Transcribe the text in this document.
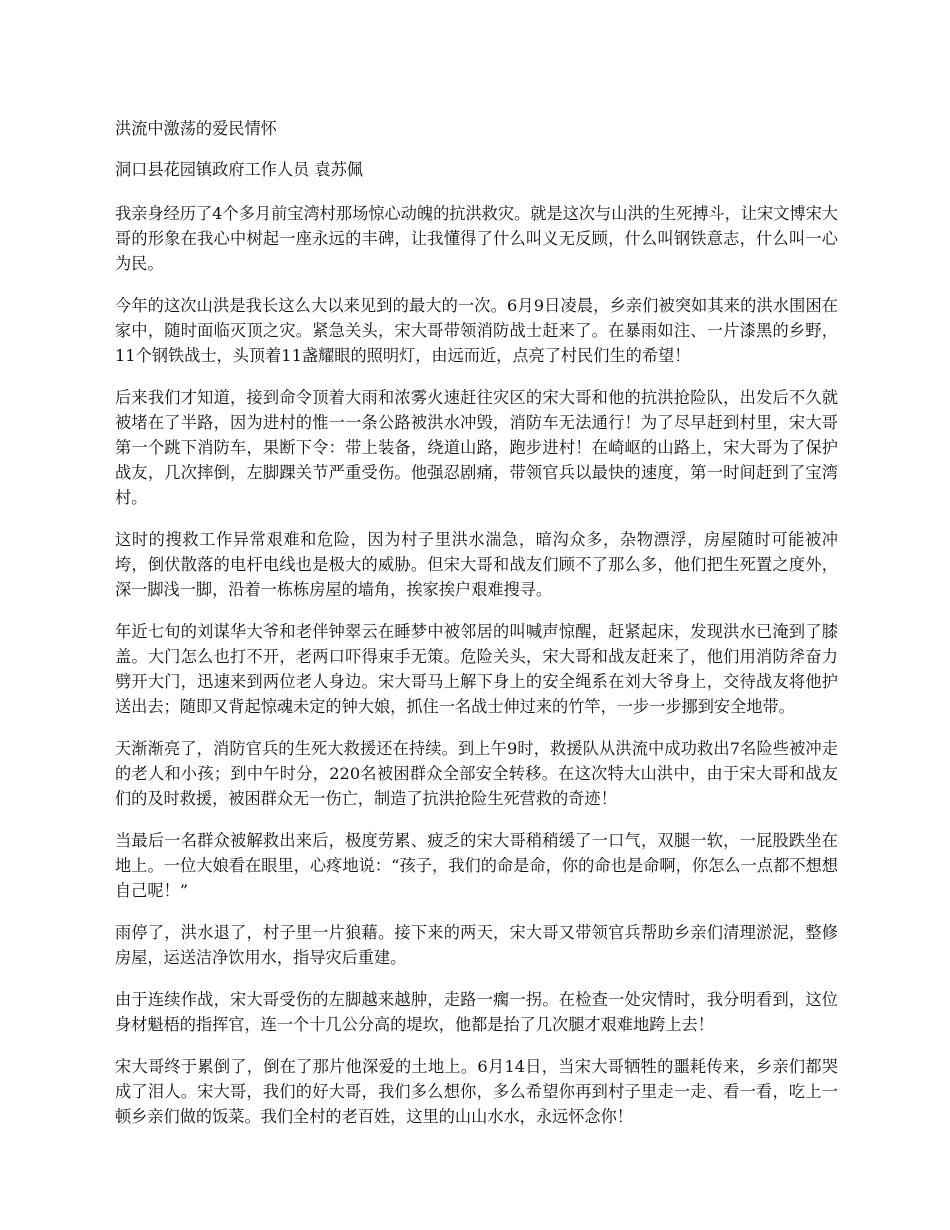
洪流中激荡的爱民情怀
洞口县花园镇政府工作人员 袁苏佩
我亲身经历了4个多月前宝湾村那场惊心动魄的抗洪救灾。就是这次与山洪的生死搏斗，让宋文博宋大哥的形象在我心中树起一座永远的丰碑，让我懂得了什么叫义无反顾，什么叫钢铁意志，什么叫一心为民。
今年的这次山洪是我长这么大以来见到的最大的一次。6月9日凌晨，乡亲们被突如其来的洪水围困在家中，随时面临灭顶之灾。紧急关头，宋大哥带领消防战士赶来了。在暴雨如注、一片漆黑的乡野，11个钢铁战士，头顶着11盏耀眼的照明灯，由远而近，点亮了村民们生的希望！
后来我们才知道，接到命令顶着大雨和浓雾火速赶往灾区的宋大哥和他的抗洪抢险队，出发后不久就被堵在了半路，因为进村的惟一一条公路被洪水冲毁，消防车无法通行！为了尽早赶到村里，宋大哥第一个跳下消防车，果断下令：带上装备，绕道山路，跑步进村！在崎岖的山路上，宋大哥为了保护战友，几次摔倒，左脚踝关节严重受伤。他强忍剧痛，带领官兵以最快的速度，第一时间赶到了宝湾村。
这时的搜救工作异常艰难和危险，因为村子里洪水湍急，暗沟众多，杂物漂浮，房屋随时可能被冲垮，倒伏散落的电杆电线也是极大的威胁。但宋大哥和战友们顾不了那么多，他们把生死置之度外，深一脚浅一脚，沿着一栋栋房屋的墙角，挨家挨户艰难搜寻。
年近七旬的刘谋华大爷和老伴钟翠云在睡梦中被邻居的叫喊声惊醒，赶紧起床，发现洪水已淹到了膝盖。大门怎么也打不开，老两口吓得束手无策。危险关头，宋大哥和战友赶来了，他们用消防斧奋力劈开大门，迅速来到两位老人身边。宋大哥马上解下身上的安全绳系在刘大爷身上，交待战友将他护送出去；随即又背起惊魂未定的钟大娘，抓住一名战士伸过来的竹竿，一步一步挪到安全地带。
天渐渐亮了，消防官兵的生死大救援还在持续。到上午9时，救援队从洪流中成功救出7名险些被冲走的老人和小孩；到中午时分，220名被困群众全部安全转移。在这次特大山洪中，由于宋大哥和战友们的及时救援，被困群众无一伤亡，制造了抗洪抢险生死营救的奇迹！
当最后一名群众被解救出来后，极度劳累、疲乏的宋大哥稍稍缓了一口气，双腿一软，一屁股跌坐在地上。一位大娘看在眼里，心疼地说：“孩子，我们的命是命，你的命也是命啊，你怎么一点都不想想自己呢！”
雨停了，洪水退了，村子里一片狼藉。接下来的两天，宋大哥又带领官兵帮助乡亲们清理淤泥，整修房屋，运送洁净饮用水，指导灾后重建。
由于连续作战，宋大哥受伤的左脚越来越肿，走路一瘸一拐。在检查一处灾情时，我分明看到，这位身材魁梧的指挥官，连一个十几公分高的堤坎，他都是抬了几次腿才艰难地跨上去！
宋大哥终于累倒了，倒在了那片他深爱的土地上。6月14日，当宋大哥牺牲的噩耗传来，乡亲们都哭成了泪人。宋大哥，我们的好大哥，我们多么想你，多么希望你再到村子里走一走、看一看，吃上一顿乡亲们做的饭菜。我们全村的老百姓，这里的山山水水，永远怀念你！
